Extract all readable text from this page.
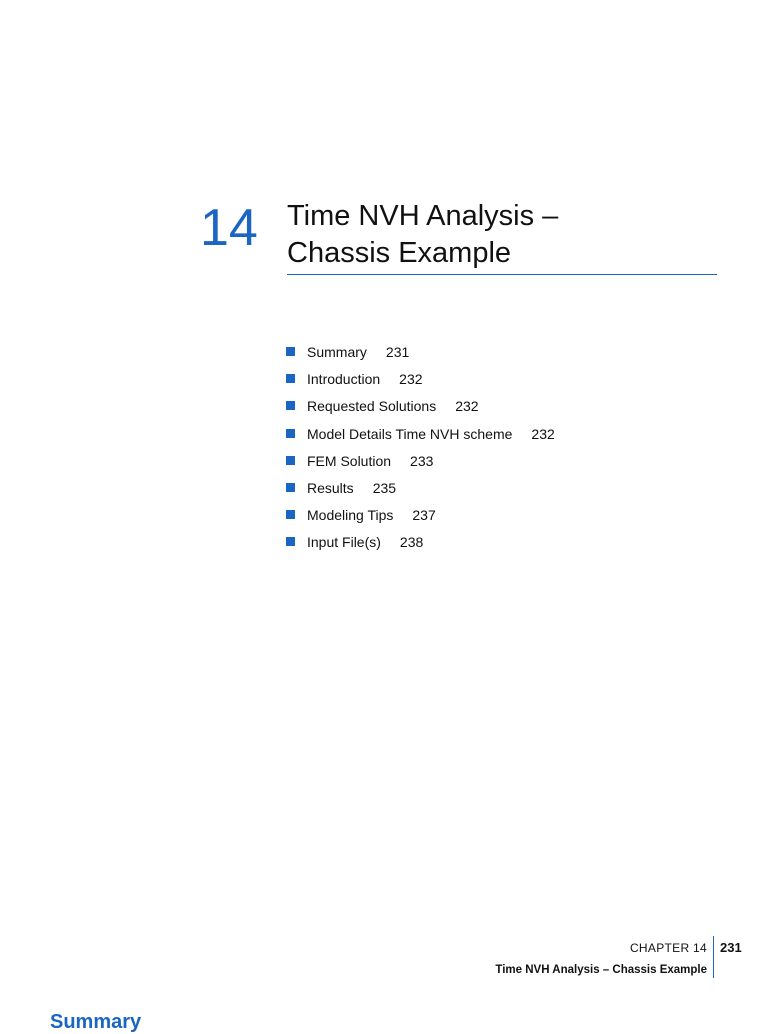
14 Time NVH Analysis –
Chassis Example
Summary 231
Introduction 232
Requested Solutions 232
Model Details Time NVH scheme 232
FEM Solution 233
Results 235
Modeling Tips 237
Input File(s) 238
CHAPTER 14
Time NVH Analysis – Chassis Example
231
Summary
